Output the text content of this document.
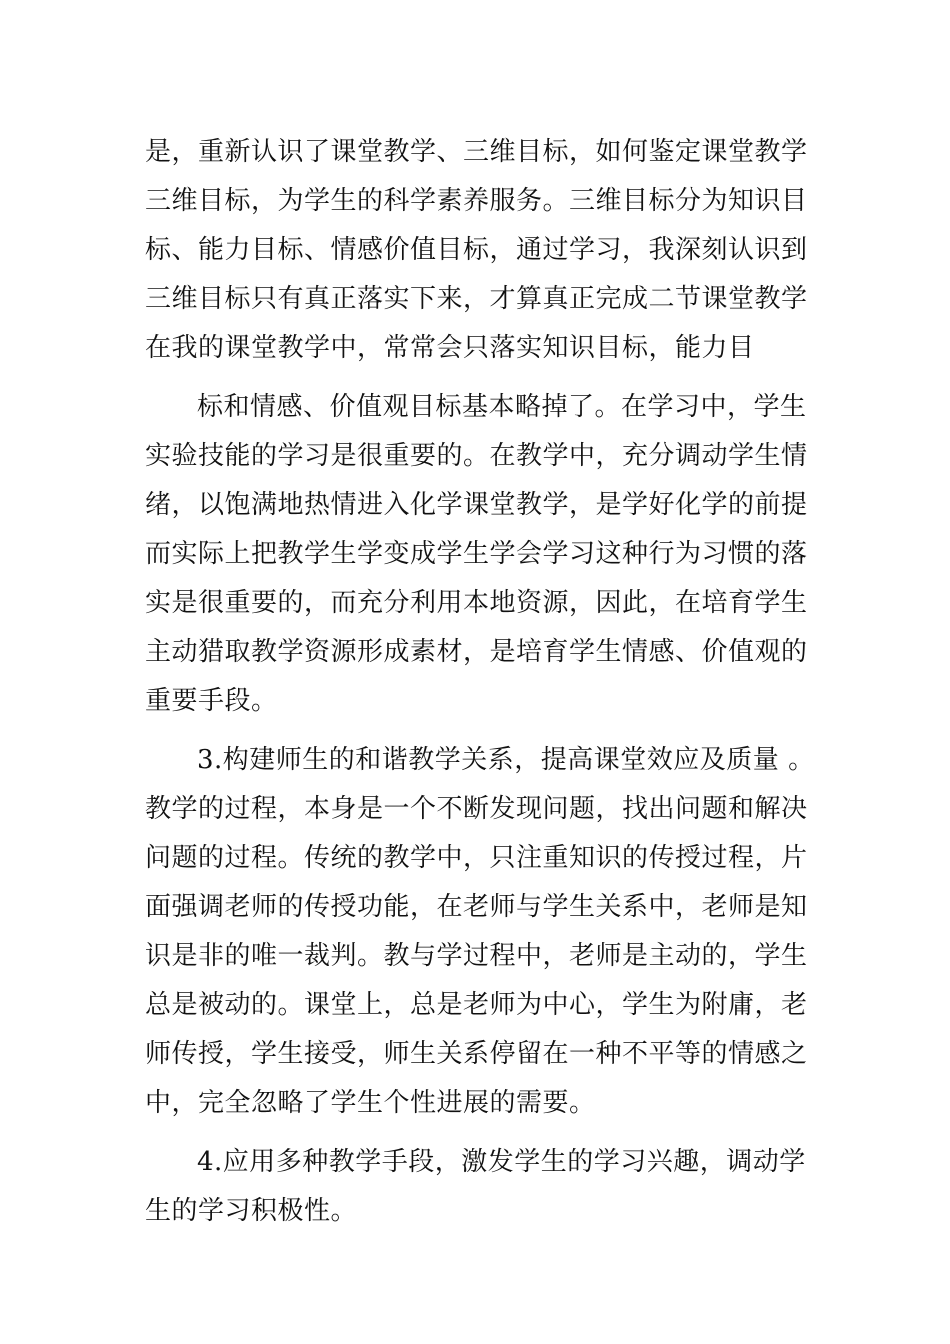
是，重新认识了课堂教学、三维目标，如何鉴定课堂教学
三维目标，为学生的科学素养服务。三维目标分为知识目
标、能力目标、情感价值目标，通过学习，我深刻认识到
三维目标只有真正落实下来，才算真正完成二节课堂教学
在我的课堂教学中，常常会只落实知识目标，能力目
标和情感、价值观目标基本略掉了。在学习中，学生
实验技能的学习是很重要的。在教学中，充分调动学生情
绪，以饱满地热情进入化学课堂教学，是学好化学的前提
而实际上把教学生学变成学生学会学习这种行为习惯的落
实是很重要的，而充分利用本地资源，因此，在培育学生
主动猎取教学资源形成素材，是培育学生情感、价值观的
重要手段。
3.构建师生的和谐教学关系，提高课堂效应及质量 。
教学的过程，本身是一个不断发现问题，找出问题和解决
问题的过程。传统的教学中，只注重知识的传授过程，片
面强调老师的传授功能，在老师与学生关系中，老师是知
识是非的唯一裁判。教与学过程中，老师是主动的，学生
总是被动的。课堂上，总是老师为中心，学生为附庸，老
师传授，学生接受，师生关系停留在一种不平等的情感之
中，完全忽略了学生个性进展的需要。
4.应用多种教学手段，激发学生的学习兴趣，调动学
生的学习积极性。
